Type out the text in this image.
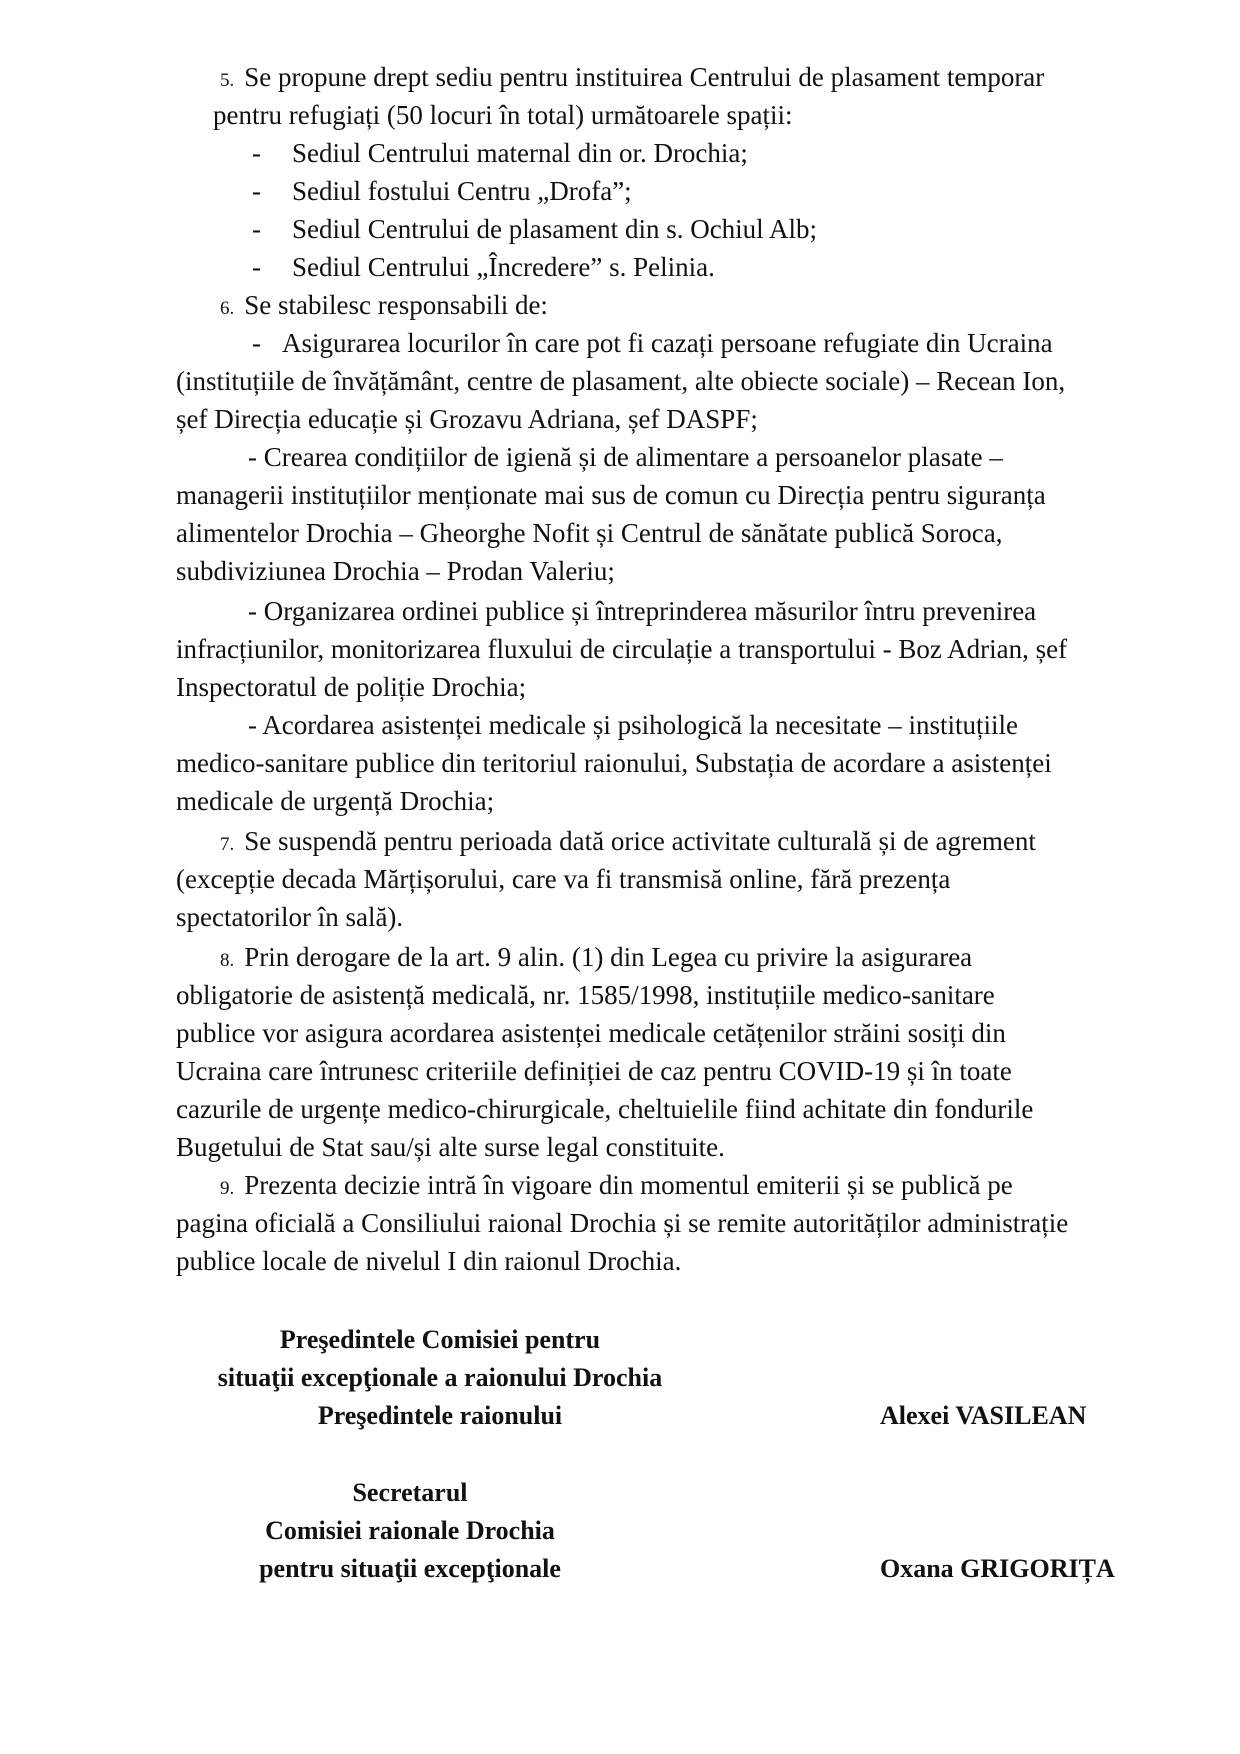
5. Se propune drept sediu pentru instituirea Centrului de plasament temporar
pentru refugiați (50 locuri în total) următoarele spații:
- Sediul Centrului maternal din or. Drochia;
- Sediul fostului Centru „Drofa”;
- Sediul Centrului de plasament din s. Ochiul Alb;
- Sediul Centrului „Încredere” s. Pelinia.
6. Se stabilesc responsabili de:
- Asigurarea locurilor în care pot fi cazați persoane refugiate din Ucraina
(instituțiile de învățământ, centre de plasament, alte obiecte sociale) – Recean Ion,
șef Direcția educație și Grozavu Adriana, șef DASPF;
- Crearea condițiilor de igienă și de alimentare a persoanelor plasate –
managerii instituțiilor menționate mai sus de comun cu Direcția pentru siguranța
alimentelor Drochia – Gheorghe Nofit și Centrul de sănătate publică Soroca,
subdiviziunea Drochia – Prodan Valeriu;
- Organizarea ordinei publice și întreprinderea măsurilor întru prevenirea
infracțiunilor, monitorizarea fluxului de circulație a transportului - Boz Adrian, șef
Inspectoratul de poliție Drochia;
- Acordarea asistenței medicale și psihologică la necesitate – instituțiile
medico-sanitare publice din teritoriul raionului, Substația de acordare a asistenței
medicale de urgență Drochia;
7. Se suspendă pentru perioada dată orice activitate culturală și de agrement
(excepție decada Mărțișorului, care va fi transmisă online, fără prezența
spectatorilor în sală).
8. Prin derogare de la art. 9 alin. (1) din Legea cu privire la asigurarea
obligatorie de asistență medicală, nr. 1585/1998, instituțiile medico-sanitare
publice vor asigura acordarea asistenței medicale cetățenilor străini sosiți din
Ucraina care întrunesc criteriile definiției de caz pentru COVID-19 și în toate
cazurile de urgențe medico-chirurgicale, cheltuielile fiind achitate din fondurile
Bugetului de Stat sau/și alte surse legal constituite.
9. Prezenta decizie intră în vigoare din momentul emiterii și se publică pe
pagina oficială a Consiliului raional Drochia și se remite autorităților administrație
publice locale de nivelul I din raionul Drochia.
Preşedintele Comisiei pentru
situaţii excepţionale a raionului Drochia
Preşedintele raionului	Alexei VASILEAN
Secretarul
Comisiei raionale Drochia
pentru situaţii excepţionale	Oxana GRIGORIȚA
